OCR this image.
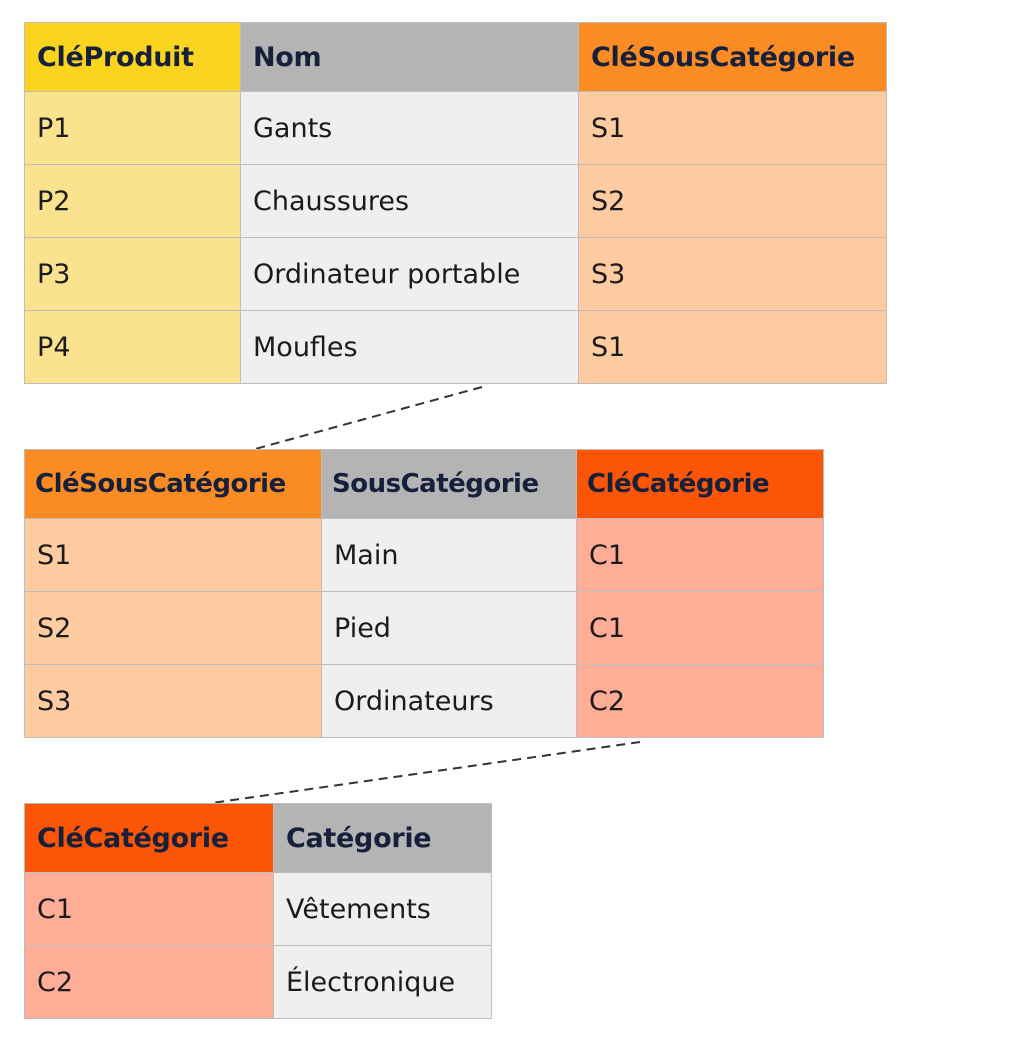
CléProduit	Nom	CléSousCatégorie
P1	Gants	S1
P2	Chaussures	S2
P3	Ordinateur portable	S3
P4	Moufles	S1
CléSousCatégorie	SousCatégorie	CléCatégorie
S1	Main	C1
S2	Pied	C1
S3	Ordinateurs	C2
CléCatégorie	Catégorie
C1	Vêtements
C2	Électronique
